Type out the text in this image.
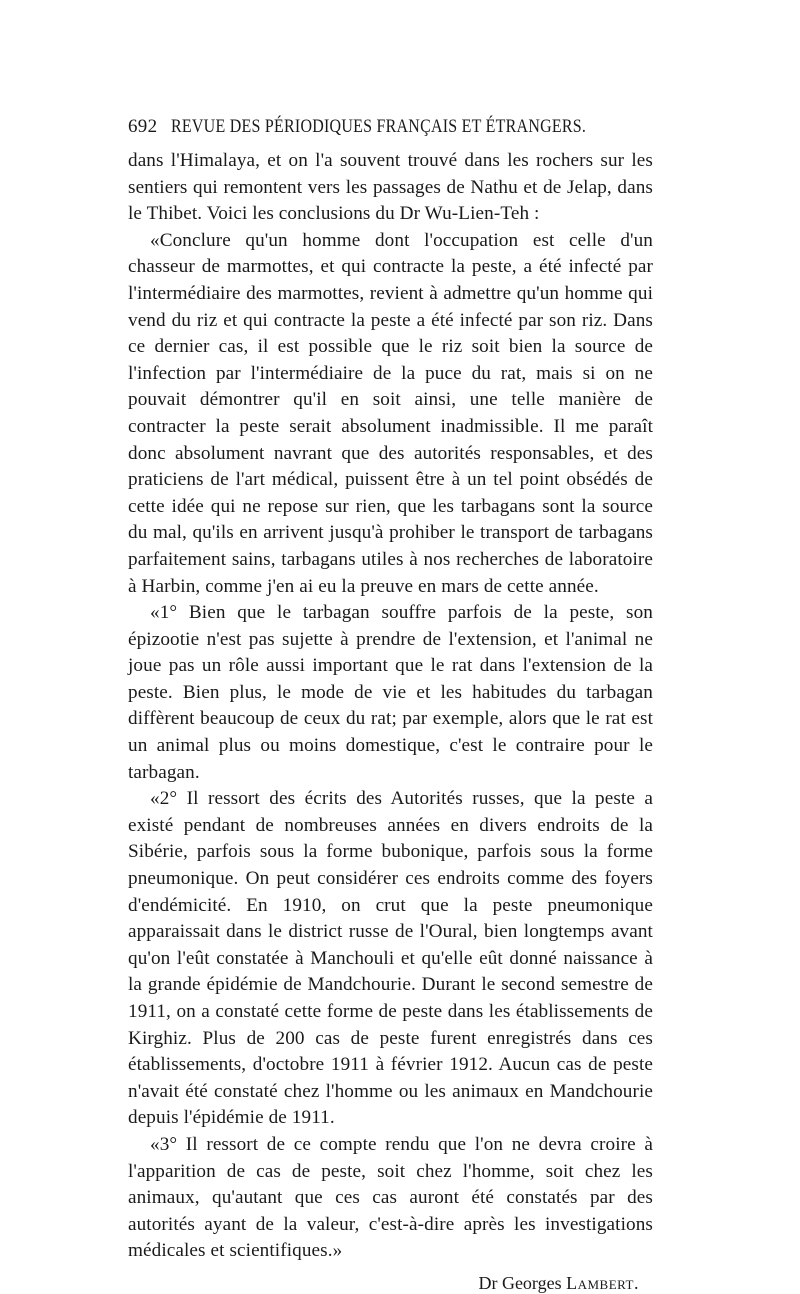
692 REVUE DES PÉRIODIQUES FRANÇAIS ET ÉTRANGERS.

dans l'Himalaya, et on l'a souvent trouvé dans les rochers sur les sentiers qui remontent vers les passages de Nathu et de Jelap, dans le Thibet. Voici les conclusions du Dr Wu-Lien-Teh :

«Conclure qu'un homme dont l'occupation est celle d'un chasseur de marmottes, et qui contracte la peste, a été infecté par l'intermédiaire des marmottes, revient à admettre qu'un homme qui vend du riz et qui contracte la peste a été infecté par son riz. Dans ce dernier cas, il est possible que le riz soit bien la source de l'infection par l'intermédiaire de la puce du rat, mais si on ne pouvait démontrer qu'il en soit ainsi, une telle manière de contracter la peste serait absolument inadmissible. Il me paraît donc absolument navrant que des autorités responsables, et des praticiens de l'art médical, puissent être à un tel point obsédés de cette idée qui ne repose sur rien, que les tarbagans sont la source du mal, qu'ils en arrivent jusqu'à prohiber le transport de tarbagans parfaitement sains, tarbagans utiles à nos recherches de laboratoire à Harbin, comme j'en ai eu la preuve en mars de cette année.

«1° Bien que le tarbagan souffre parfois de la peste, son épizootie n'est pas sujette à prendre de l'extension, et l'animal ne joue pas un rôle aussi important que le rat dans l'extension de la peste. Bien plus, le mode de vie et les habitudes du tarbagan diffèrent beaucoup de ceux du rat; par exemple, alors que le rat est un animal plus ou moins domestique, c'est le contraire pour le tarbagan.

«2° Il ressort des écrits des Autorités russes, que la peste a existé pendant de nombreuses années en divers endroits de la Sibérie, parfois sous la forme bubonique, parfois sous la forme pneumonique. On peut considérer ces endroits comme des foyers d'endémicité. En 1910, on crut que la peste pneumonique apparaissait dans le district russe de l'Oural, bien longtemps avant qu'on l'eût constatée à Manchouli et qu'elle eût donné naissance à la grande épidémie de Mandchourie. Durant le second semestre de 1911, on a constaté cette forme de peste dans les établissements de Kirghiz. Plus de 200 cas de peste furent enregistrés dans ces établissements, d'octobre 1911 à février 1912. Aucun cas de peste n'avait été constaté chez l'homme ou les animaux en Mandchourie depuis l'épidémie de 1911.

«3° Il ressort de ce compte rendu que l'on ne devra croire à l'apparition de cas de peste, soit chez l'homme, soit chez les animaux, qu'autant que ces cas auront été constatés par des autorités ayant de la valeur, c'est-à-dire après les investigations médicales et scientifiques.»

Dr Georges Lambert.
